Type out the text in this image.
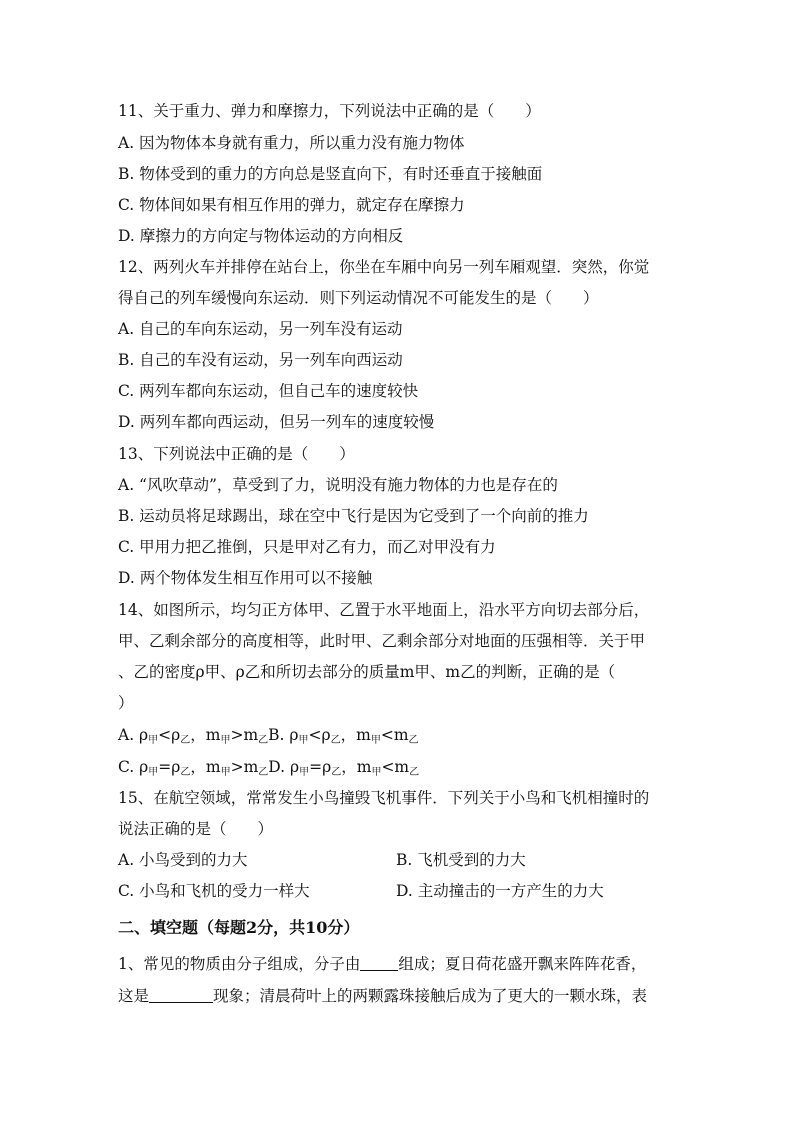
11、关于重力、弹力和摩擦力，下列说法中正确的是（　　）
A. 因为物体本身就有重力，所以重力没有施力物体
B. 物体受到的重力的方向总是竖直向下，有时还垂直于接触面
C. 物体间如果有相互作用的弹力，就定存在摩擦力
D. 摩擦力的方向定与物体运动的方向相反
12、两列火车并排停在站台上，你坐在车厢中向另一列车厢观望．突然，你觉
得自己的列车缓慢向东运动．则下列运动情况不可能发生的是（　　）
A. 自己的车向东运动，另一列车没有运动
B. 自己的车没有运动，另一列车向西运动
C. 两列车都向东运动，但自己车的速度较快
D. 两列车都向西运动，但另一列车的速度较慢
13、下列说法中正确的是（　　）
A. “风吹草动”，草受到了力，说明没有施力物体的力也是存在的
B. 运动员将足球踢出，球在空中飞行是因为它受到了一个向前的推力
C. 甲用力把乙推倒，只是甲对乙有力，而乙对甲没有力
D. 两个物体发生相互作用可以不接触
14、如图所示，均匀正方体甲、乙置于水平地面上，沿水平方向切去部分后，
甲、乙剩余部分的高度相等，此时甲、乙剩余部分对地面的压强相等．关于甲
、乙的密度ρ甲、ρ乙和所切去部分的质量m甲、m乙的判断，正确的是（
）
A. $\rho_甲<\rho_乙$，$m_甲>m_乙B$. $\rho_甲<\rho_乙$，$m_甲<m_乙$
C. $\rho_甲=\rho_乙$，$m_甲>m_乙D$. $\rho_甲=\rho_乙$，$m_甲<m_乙$
15、在航空领域，常常发生小鸟撞毁飞机事件．下列关于小鸟和飞机相撞时的
说法正确的是（　　）
A. 小鸟受到的力大	B. 飞机受到的力大
C. 小鸟和飞机的受力一样大	D. 主动撞击的一方产生的力大
二、填空题（每题2分，共10分）
1、常见的物质由分子组成，分子由 组成；夏日荷花盛开飘来阵阵花香，
这是	现象；清晨荷叶上的两颗露珠接触后成为了更大的一颗水珠，表
